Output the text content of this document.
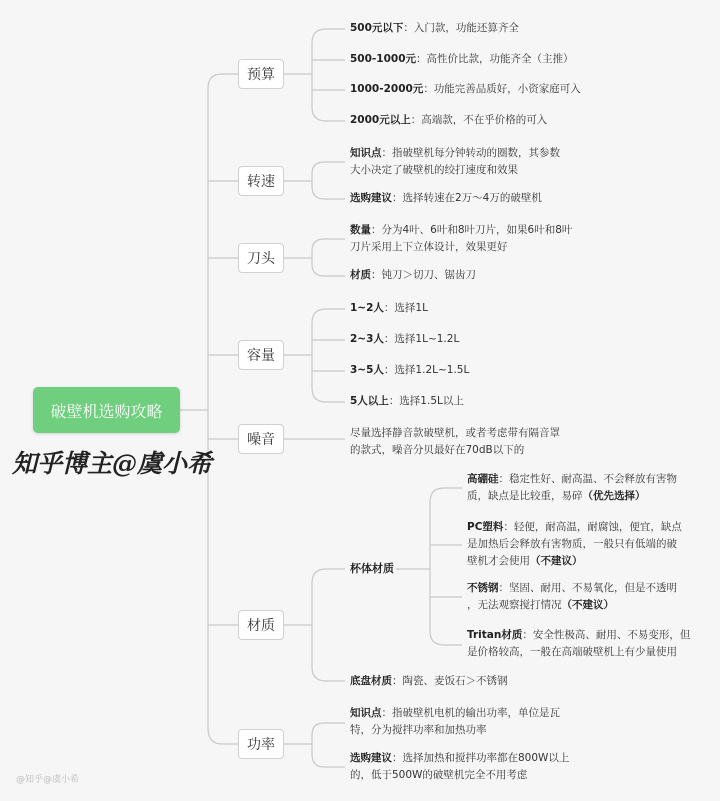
破壁机选购攻略
知乎博主@虞小希
预算
转速
刀头
容量
噪音
材质
功率
500元以下：入门款，功能还算齐全
500-1000元：高性价比款，功能齐全（主推）
1000-2000元：功能完善品质好，小资家庭可入
2000元以上：高端款，不在乎价格的可入
知识点：指破壁机每分钟转动的圈数，其参数
大小决定了破壁机的绞打速度和效果
选购建议：选择转速在2万～4万的破壁机
数量：分为4叶、6叶和8叶刀片，如果6叶和8叶
刀片采用上下立体设计，效果更好
材质：钝刀＞切刀、锯齿刀
1~2人：选择1L
2~3人：选择1L~1.2L
3~5人：选择1.2L~1.5L
5人以上：选择1.5L以上
尽量选择静音款破壁机，或者考虑带有隔音罩
的款式，噪音分贝最好在70dB以下的
杯体材质
高硼硅：稳定性好、耐高温、不会释放有害物
质，缺点是比较重，易碎（优先选择）
PC塑料：轻便，耐高温，耐腐蚀，便宜，缺点
是加热后会释放有害物质，一般只有低端的破
壁机才会使用（不建议）
不锈钢：坚固、耐用、不易氧化，但是不透明
，无法观察搅打情况（不建议）
Tritan材质：安全性极高、耐用、不易变形，但
是价格较高，一般在高端破壁机上有少量使用
底盘材质：陶瓷、麦饭石＞不锈钢
知识点：指破壁机电机的输出功率，单位是瓦
特，分为搅拌功率和加热功率
选购建议：选择加热和搅拌功率都在800W以上
的，低于500W的破壁机完全不用考虑
@知乎@虞小希
